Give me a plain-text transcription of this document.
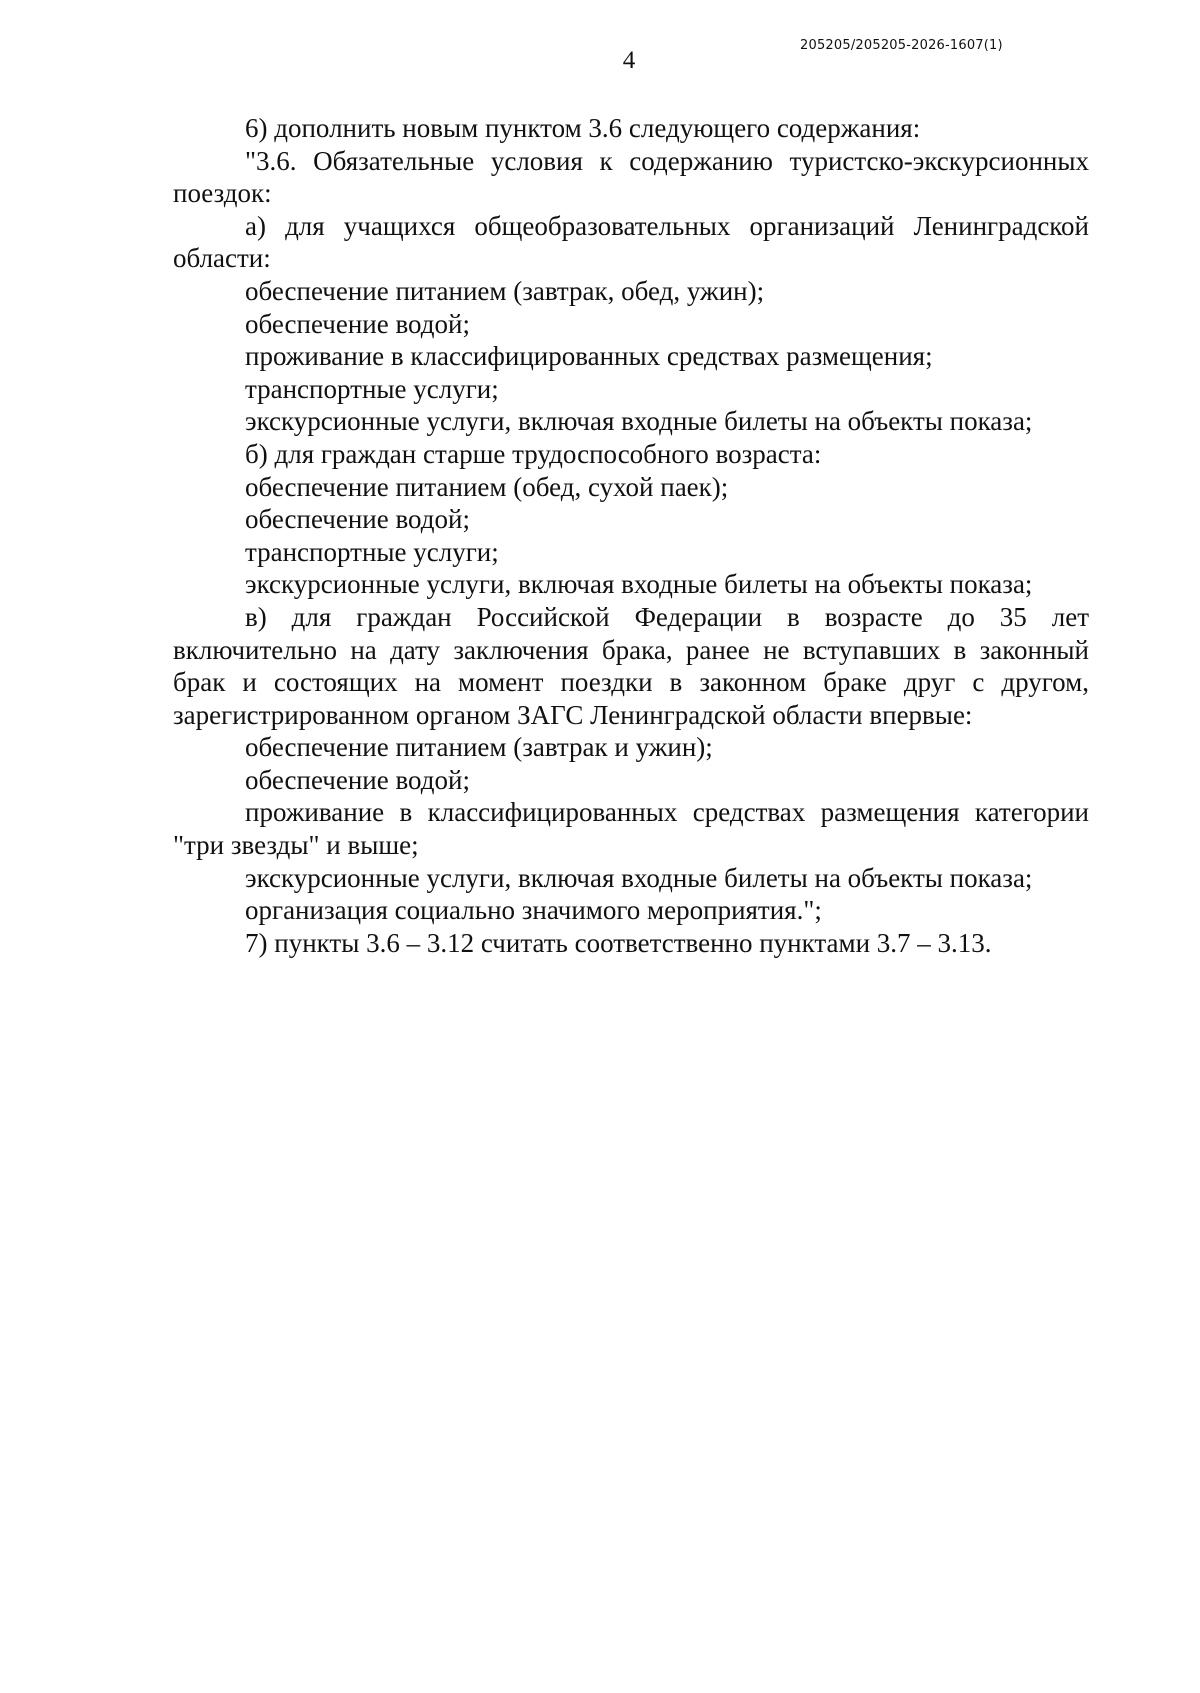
4
205205/205205-2026-1607(1)

6) дополнить новым пунктом 3.6 следующего содержания:

"3.6. Обязательные условия к содержанию туристско-экскурсионных поездок:

а) для учащихся общеобразовательных организаций Ленинградской области:

обеспечение питанием (завтрак, обед, ужин);

обеспечение водой;

проживание в классифицированных средствах размещения;

транспортные услуги;

экскурсионные услуги, включая входные билеты на объекты показа;

б) для граждан старше трудоспособного возраста:

обеспечение питанием (обед, сухой паек);

обеспечение водой;

транспортные услуги;

экскурсионные услуги, включая входные билеты на объекты показа;

в) для граждан Российской Федерации в возрасте до 35 лет включительно на дату заключения брака, ранее не вступавших в законный брак и состоящих на момент поездки в законном браке друг с другом, зарегистрированном органом ЗАГС Ленинградской области впервые:

обеспечение питанием (завтрак и ужин);

обеспечение водой;

проживание в классифицированных средствах размещения категории "три звезды" и выше;

экскурсионные услуги, включая входные билеты на объекты показа;

организация социально значимого мероприятия.";

7) пункты 3.6 – 3.12 считать соответственно пунктами 3.7 – 3.13.
